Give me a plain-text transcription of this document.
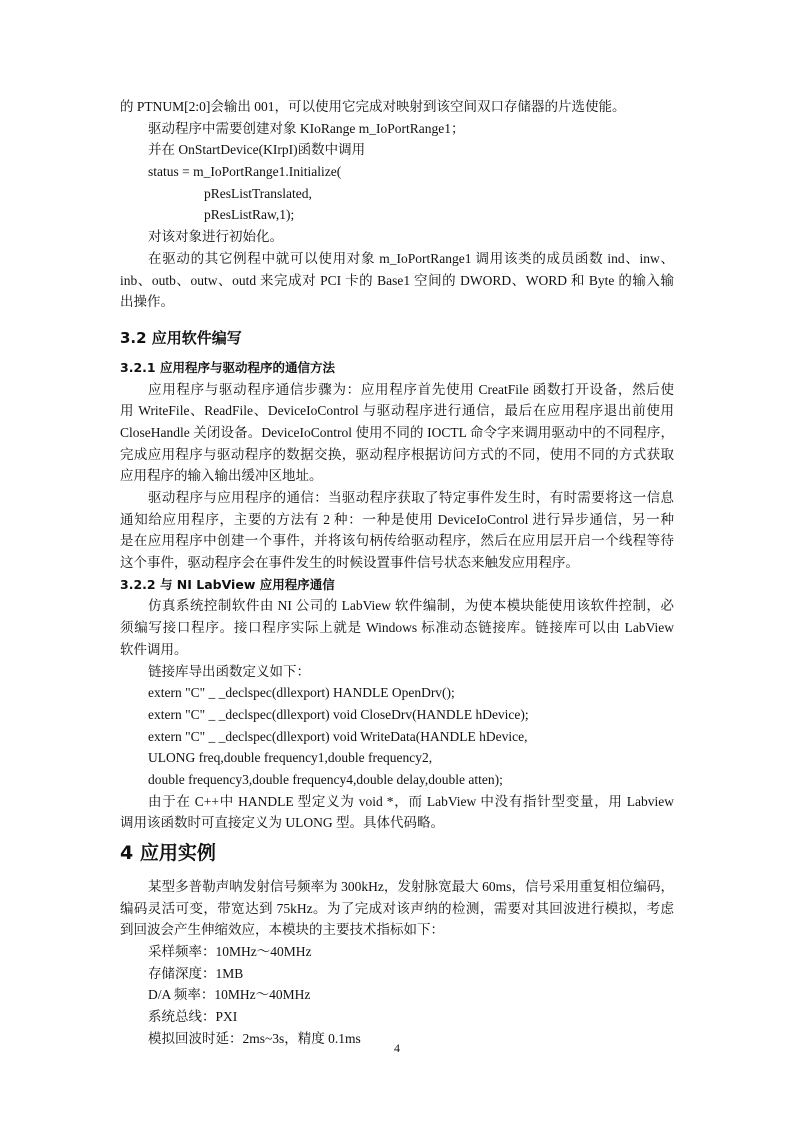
的 PTNUM[2:0]会输出 001，可以使用它完成对映射到该空间双口存储器的片选使能。
驱动程序中需要创建对象 KIoRange m_IoPortRange1；
并在 OnStartDevice(KIrpI)函数中调用
status = m_IoPortRange1.Initialize(
pResListTranslated,
pResListRaw,1);
对该对象进行初始化。
在驱动的其它例程中就可以使用对象 m_IoPortRange1 调用该类的成员函数 ind、inw、
inb、outb、outw、outd 来完成对 PCI 卡的 Base1 空间的 DWORD、WORD 和 Byte 的输入输
出操作。
3.2 应用软件编写
3.2.1 应用程序与驱动程序的通信方法
应用程序与驱动程序通信步骤为：应用程序首先使用 CreatFile 函数打开设备，然后使
用 WriteFile、ReadFile、DeviceIoControl 与驱动程序进行通信，最后在应用程序退出前使用
CloseHandle 关闭设备。DeviceIoControl 使用不同的 IOCTL 命令字来调用驱动中的不同程序，
完成应用程序与驱动程序的数据交换，驱动程序根据访问方式的不同，使用不同的方式获取
应用程序的输入输出缓冲区地址。
驱动程序与应用程序的通信：当驱动程序获取了特定事件发生时，有时需要将这一信息
通知给应用程序，主要的方法有 2 种：一种是使用 DeviceIoControl 进行异步通信，另一种
是在应用程序中创建一个事件，并将该句柄传给驱动程序，然后在应用层开启一个线程等待
这个事件，驱动程序会在事件发生的时候设置事件信号状态来触发应用程序。
3.2.2 与 NI LabView 应用程序通信
仿真系统控制软件由 NI 公司的 LabView 软件编制，为使本模块能使用该软件控制，必
须编写接口程序。接口程序实际上就是 Windows 标准动态链接库。链接库可以由 LabView
软件调用。
链接库导出函数定义如下：
extern "C" _ _declspec(dllexport) HANDLE OpenDrv();
extern "C" _ _declspec(dllexport) void CloseDrv(HANDLE hDevice);
extern "C" _ _declspec(dllexport) void WriteData(HANDLE hDevice,
ULONG freq,double frequency1,double frequency2,
double frequency3,double frequency4,double delay,double atten);
由于在 C++中 HANDLE 型定义为 void *，而 LabView 中没有指针型变量，用 Labview
调用该函数时可直接定义为 ULONG 型。具体代码略。
4 应用实例
某型多普勒声呐发射信号频率为 300kHz，发射脉宽最大 60ms，信号采用重复相位编码，
编码灵活可变，带宽达到 75kHz。为了完成对该声纳的检测，需要对其回波进行模拟，考虑
到回波会产生伸缩效应，本模块的主要技术指标如下：
采样频率：10MHz～40MHz
存储深度：1MB
D/A 频率：10MHz～40MHz
系统总线：PXI
模拟回波时延：2ms~3s，精度 0.1ms
4
